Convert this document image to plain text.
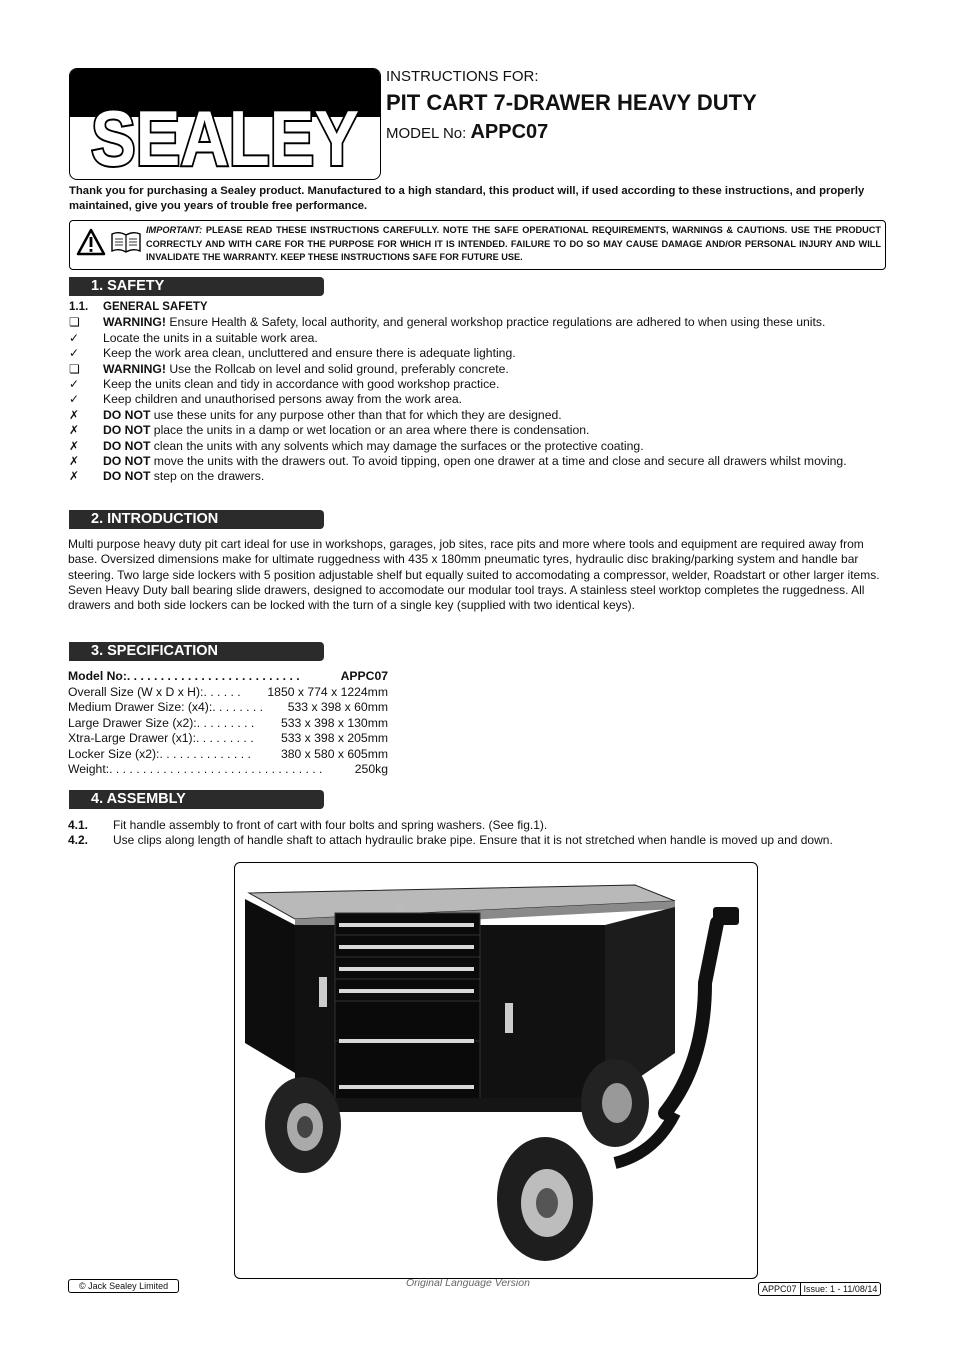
SEALEY
INSTRUCTIONS FOR:
PIT CART 7-DRAWER HEAVY DUTY
MODEL No: APPC07
Thank you for purchasing a Sealey product. Manufactured to a high standard, this product will, if used according to these instructions, and properly maintained, give you years of trouble free performance.
IMPORTANT: PLEASE READ THESE INSTRUCTIONS CAREFULLY. NOTE THE SAFE OPERATIONAL REQUIREMENTS, WARNINGS & CAUTIONS. USE THE PRODUCT CORRECTLY AND WITH CARE FOR THE PURPOSE FOR WHICH IT IS INTENDED. FAILURE TO DO SO MAY CAUSE DAMAGE AND/OR PERSONAL INJURY AND WILL INVALIDATE THE WARRANTY. KEEP THESE INSTRUCTIONS SAFE FOR FUTURE USE.
1. SAFETY
1.1. GENERAL SAFETY
❏	WARNING! Ensure Health & Safety, local authority, and general workshop practice regulations are adhered to when using these units.
✓	Locate the units in a suitable work area.
✓	Keep the work area clean, uncluttered and ensure there is adequate lighting.
❏	WARNING! Use the Rollcab on level and solid ground, preferably concrete.
✓	Keep the units clean and tidy in accordance with good workshop practice.
✓	Keep children and unauthorised persons away from the work area.
✗	DO NOT use these units for any purpose other than that for which they are designed.
✗	DO NOT place the units in a damp or wet location or an area where there is condensation.
✗	DO NOT clean the units with any solvents which may damage the surfaces or the protective coating.
✗	DO NOT move the units with the drawers out. To avoid tipping, open one drawer at a time and close and secure all drawers whilst moving.
✗	DO NOT step on the drawers.
2. INTRODUCTION
Multi purpose heavy duty pit cart ideal for use in workshops, garages, job sites, race pits and more where tools and equipment are required away from base. Oversized dimensions make for ultimate ruggedness with 435 x 180mm pneumatic tyres, hydraulic disc braking/parking system and handle bar steering. Two large side lockers with 5 position adjustable shelf but equally suited to accomodating a compressor, welder, Roadstart or other larger items. Seven Heavy Duty ball bearing slide drawers, designed to accomodate our modular tool trays. A stainless steel worktop completes the ruggedness. All drawers and both side lockers can be locked with the turn of a single key (supplied with two identical keys).
3. SPECIFICATION
Model No: . . . . . . . . . . . . . . . . . . . . . . . . . .	APPC07
Overall Size (W x D x H): . . . . . .	1850 x 774 x 1224mm
Medium Drawer Size: (x4): . . . . . . . .	533 x 398 x 60mm
Large Drawer Size (x2): . . . . . . . . .	533 x 398 x 130mm
Xtra-Large Drawer (x1): . . . . . . . . .	533 x 398 x 205mm
Locker Size (x2): . . . . . . . . . . . . . .	380 x 580 x 605mm
Weight: . . . . . . . . . . . . . . . . . . . . . . . . . . . . . . . .	250kg
4. ASSEMBLY
4.1. Fit handle assembly to front of cart with four bolts and spring washers. (See fig.1).
4.2. Use clips along length of handle shaft to attach hydraulic brake pipe. Ensure that it is not stretched when handle is moved up and down.
© Jack Sealey Limited	Original Language Version	APPC07 Issue: 1 - 11/08/14
